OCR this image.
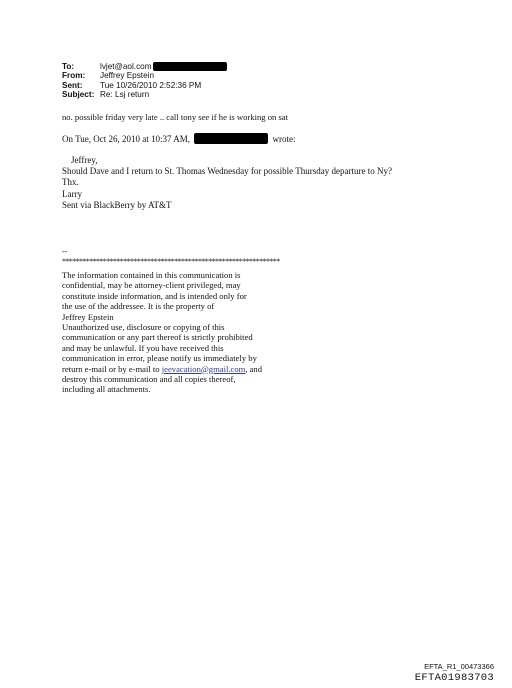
To:	lvjet@aol.com
From:	Jeffrey Epstein
Sent:	Tue 10/26/2010 2:52:36 PM
Subject: Re: Lsj return
no. possible friday very late .. call tony see if he is working on sat
On Tue, Oct 26, 2010 at 10:37 AM,	wrote:
Jeffrey,
Should Dave and I return to St. Thomas Wednesday for possible Thursday departure to Ny?
Thx.
Larry
Sent via BlackBerry by AT&T
--
****************************************************************
The information contained in this communication is
confidential, may be attorney-client privileged, may
constitute inside information, and is intended only for
the use of the addressee. It is the property of
Jeffrey Epstein
Unauthorized use, disclosure or copying of this
communication or any part thereof is strictly prohibited
and may be unlawful. If you have received this
communication in error, please notify us immediately by
return e-mail or by e-mail to jeevacation@gmail.com, and
destroy this communication and all copies thereof,
including all attachments.
EFTA_R1_00473366
EFTA01983703
